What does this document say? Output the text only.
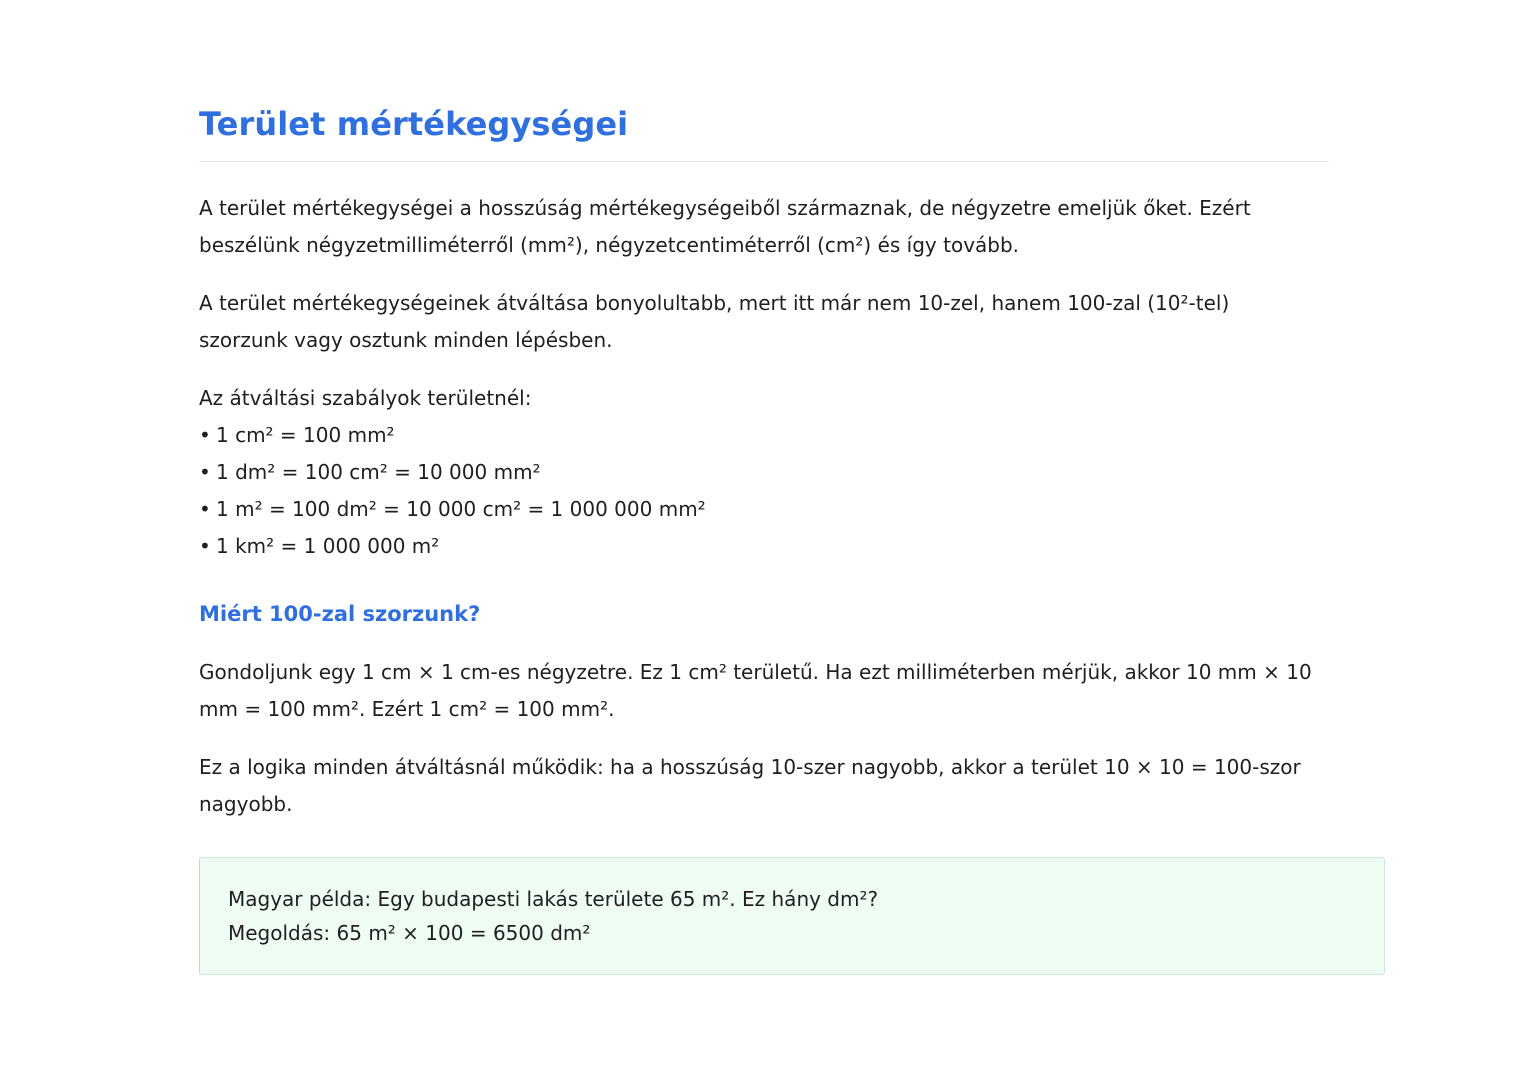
Terület mértékegységei

A terület mértékegységei a hosszúság mértékegységeiből származnak, de négyzetre emeljük őket. Ezért beszélünk négyzetmilliméterről (mm²), négyzetcentiméterről (cm²) és így tovább.

A terület mértékegységeinek átváltása bonyolultabb, mert itt már nem 10-zel, hanem 100-zal (10²-tel) szorzunk vagy osztunk minden lépésben.

Az átváltási szabályok területnél:

• 1 cm² = 100 mm²
• 1 dm² = 100 cm² = 10 000 mm²
• 1 m² = 100 dm² = 10 000 cm² = 1 000 000 mm²
• 1 km² = 1 000 000 m²
Miért 100-zal szorzunk?

Gondoljunk egy 1 cm × 1 cm-es négyzetre. Ez 1 cm² területű. Ha ezt milliméterben mérjük, akkor 10 mm × 10 mm = 100 mm². Ezért 1 cm² = 100 mm².

Ez a logika minden átváltásnál működik: ha a hosszúság 10-szer nagyobb, akkor a terület 10 × 10 = 100-szor nagyobb.

Magyar példa: Egy budapesti lakás területe 65 m². Ez hány dm²?
Megoldás: 65 m² × 100 = 6500 dm²
